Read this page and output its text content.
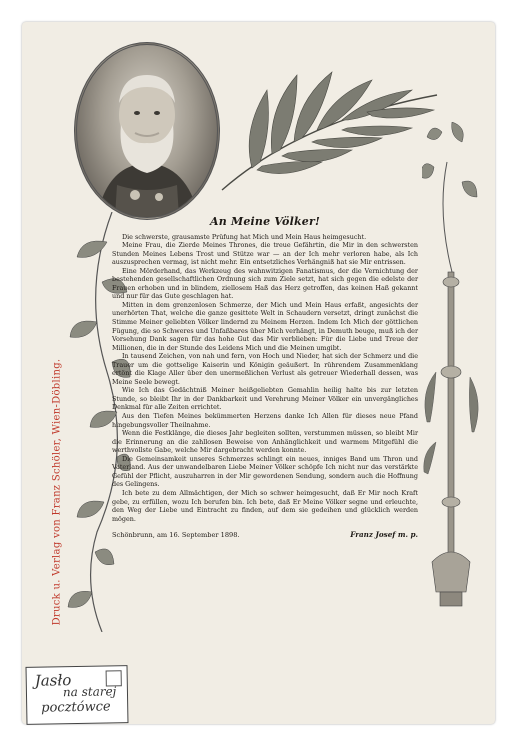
Druck u. Verlag von Franz Schöler, Wien-Döbling.
An Meine Völker!

Die schwerste, grausamste Prüfung hat Mich und Mein Haus heimgesucht.

Meine Frau, die Zierde Meines Thrones, die treue Gefährtin, die Mir in den schwersten Stunden Meines Lebens Trost und Stütze war — an der Ich mehr verloren habe, als Ich auszusprechen vermag, ist nicht mehr. Ein entsetzliches Verhängniß hat sie Mir entrissen.

Eine Mörderhand, das Werkzeug des wahnwitzigen Fanatismus, der die Vernichtung der bestehenden gesellschaftlichen Ordnung sich zum Ziele setzt, hat sich gegen die edelste der Frauen erhoben und in blindem, ziellosem Haß das Herz getroffen, das keinen Haß gekannt und nur für das Gute geschlagen hat.

Mitten in dem grenzenlosen Schmerze, der Mich und Mein Haus erfaßt, angesichts der unerhörten That, welche die ganze gesittete Welt in Schaudern versetzt, dringt zunächst die Stimme Meiner geliebten Völker lindernd zu Meinem Herzen. Indem Ich Mich der göttlichen Fügung, die so Schweres und Unfaßbares über Mich verhängt, in Demuth beuge, muß ich der Vorsehung Dank sagen für das hohe Gut das Mir verblieben: Für die Liebe und Treue der Millionen, die in der Stunde des Leidens Mich und die Meinen umgibt.

In tausend Zeichen, von nah und fern, von Hoch und Nieder, hat sich der Schmerz und die Trauer um die gottselige Kaiserin und Königin geäußert. In rührendem Zusammenklang ertönt die Klage Aller über den unermeßlichen Verlust als getreuer Wiederhall dessen, was Meine Seele bewegt.

Wie Ich das Gedächtniß Meiner heißgeliebten Gemahlin heilig halte bis zur letzten Stunde, so bleibt Ihr in der Dankbarkeit und Verehrung Meiner Völker ein unvergängliches Denkmal für alle Zeiten errichtet.

Aus den Tiefen Meines bekümmerten Herzens danke Ich Allen für dieses neue Pfand hingebungsvoller Theilnahme.

Wenn die Festklänge, die dieses Jahr begleiten sollten, verstummen müssen, so bleibt Mir die Erinnerung an die zahllosen Beweise von Anhänglichkeit und warmem Mitgefühl die werthvollste Gabe, welche Mir dargebracht werden konnte.

Die Gemeinsamkeit unseres Schmerzes schlingt ein neues, inniges Band um Thron und Vaterland. Aus der unwandelbaren Liebe Meiner Völker schöpfe Ich nicht nur das verstärkte Gefühl der Pflicht, auszuharren in der Mir gewordenen Sendung, sondern auch die Hoffnung des Gelingens.

Ich bete zu dem Allmächtigen, der Mich so schwer heimgesucht, daß Er Mir noch Kraft gebe, zu erfüllen, wozu Ich berufen bin. Ich bete, daß Er Meine Völker segne und erleuchte, den Weg der Liebe und Eintracht zu finden, auf dem sie gedeihen und glücklich werden mögen.

Schönbrunn, am 16. September 1898.	Franz Josef m. p.
Jasło
na starej
pocztówce
